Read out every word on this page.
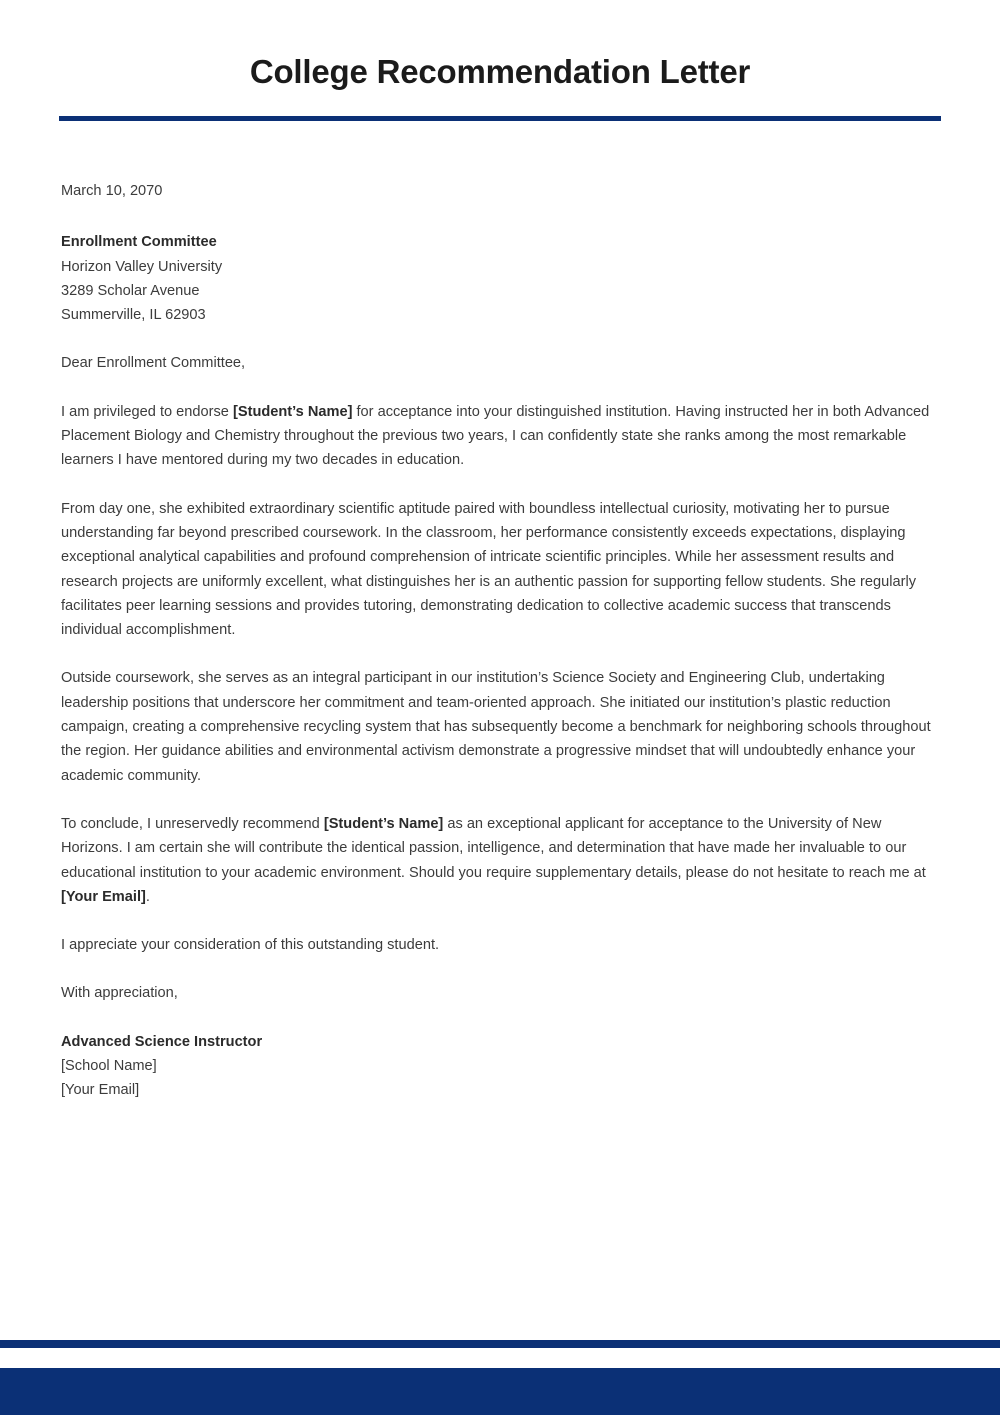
College Recommendation Letter
March 10, 2070
Enrollment Committee
Horizon Valley University
3289 Scholar Avenue
Summerville, IL 62903
Dear Enrollment Committee,

I am privileged to endorse [Student’s Name] for acceptance into your distinguished institution. Having instructed her in both Advanced Placement Biology and Chemistry throughout the previous two years, I can confidently state she ranks among the most remarkable learners I have mentored during my two decades in education.

From day one, she exhibited extraordinary scientific aptitude paired with boundless intellectual curiosity, motivating her to pursue understanding far beyond prescribed coursework. In the classroom, her performance consistently exceeds expectations, displaying exceptional analytical capabilities and profound comprehension of intricate scientific principles. While her assessment results and research projects are uniformly excellent, what distinguishes her is an authentic passion for supporting fellow students. She regularly facilitates peer learning sessions and provides tutoring, demonstrating dedication to collective academic success that transcends individual accomplishment.

Outside coursework, she serves as an integral participant in our institution’s Science Society and Engineering Club, undertaking leadership positions that underscore her commitment and team-oriented approach. She initiated our institution’s plastic reduction campaign, creating a comprehensive recycling system that has subsequently become a benchmark for neighboring schools throughout the region. Her guidance abilities and environmental activism demonstrate a progressive mindset that will undoubtedly enhance your academic community.

To conclude, I unreservedly recommend [Student’s Name] as an exceptional applicant for acceptance to the University of New Horizons. I am certain she will contribute the identical passion, intelligence, and determination that have made her invaluable to our educational institution to your academic environment. Should you require supplementary details, please do not hesitate to reach me at [Your Email].

I appreciate your consideration of this outstanding student.

With appreciation,
Advanced Science Instructor
[School Name]
[Your Email]
